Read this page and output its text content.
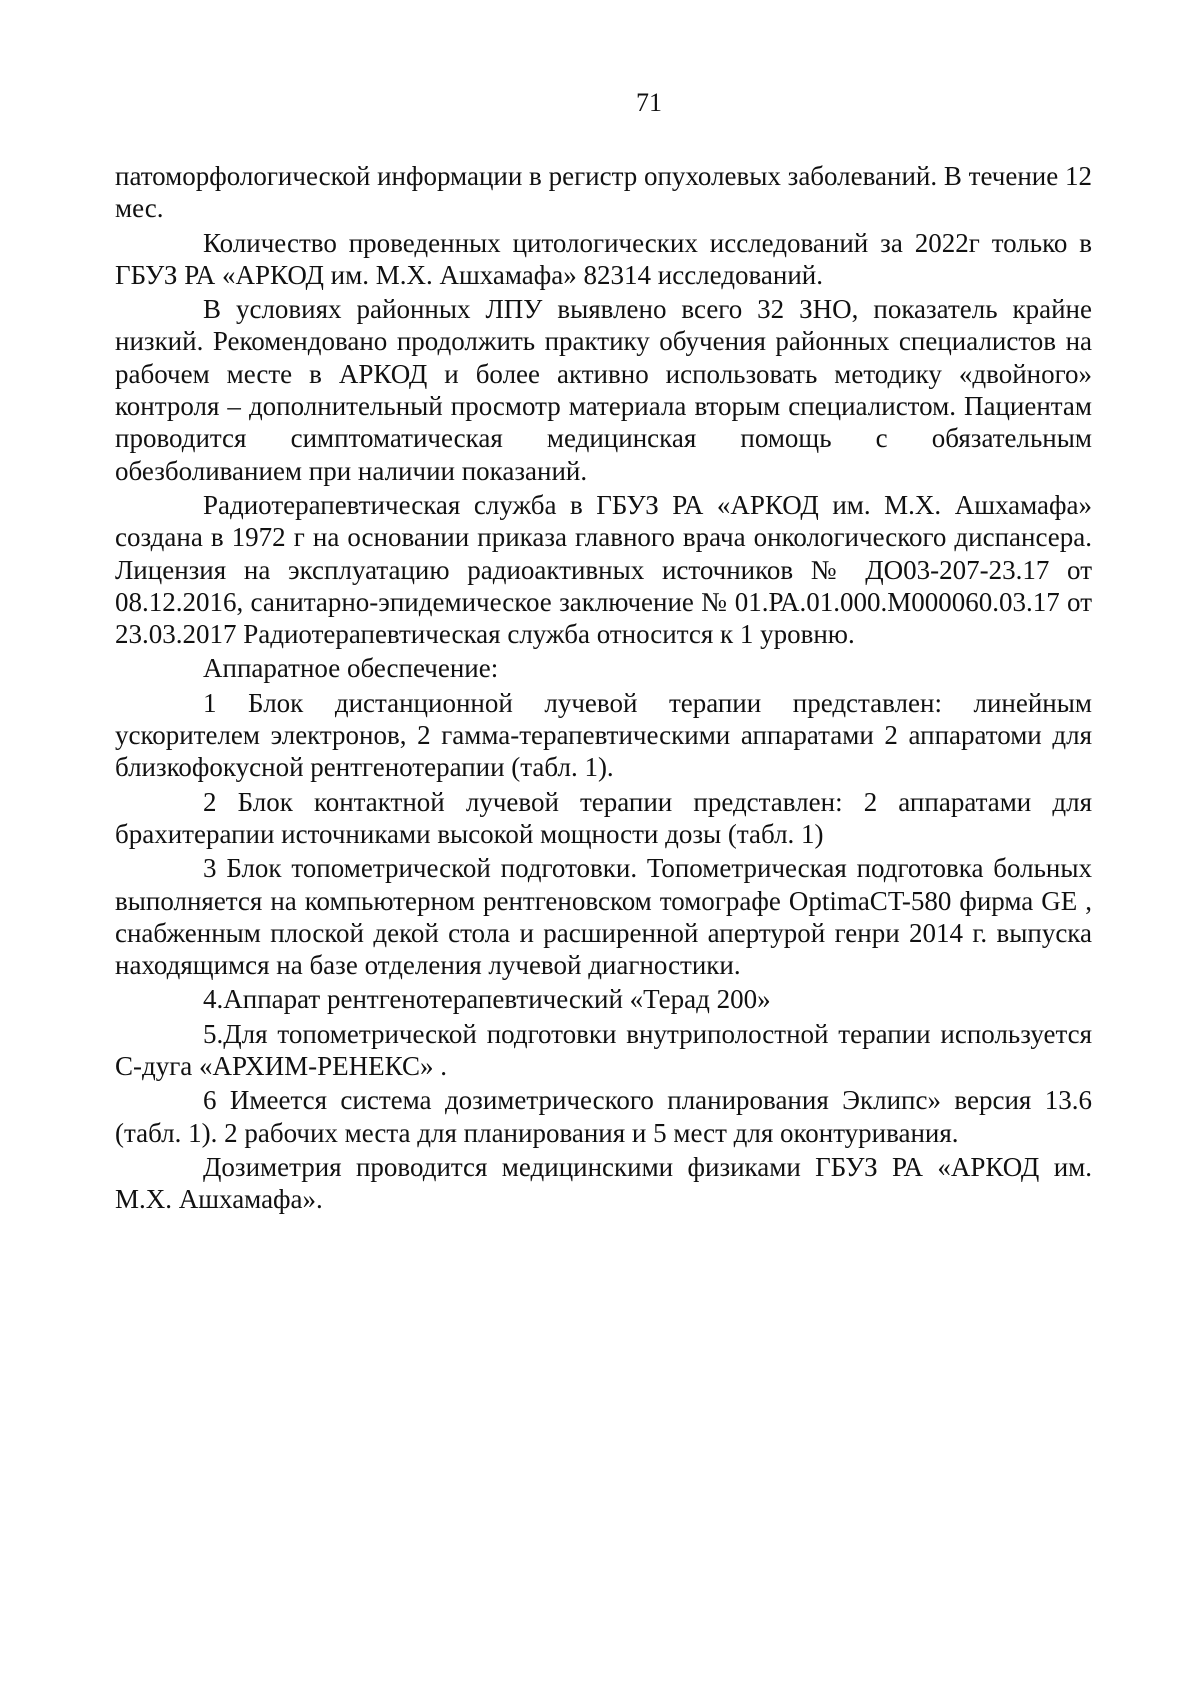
71

патоморфологической информации в регистр опухолевых заболеваний. В течение 12 мес.

Количество проведенных цитологических исследований за 2022г только в ГБУЗ РА «АРКОД им. М.Х. Ашхамафа» 82314 исследований.

В условиях районных ЛПУ выявлено всего 32 ЗНО, показатель крайне низкий. Рекомендовано продолжить практику обучения районных специалистов на рабочем месте в АРКОД и более активно использовать методику «двойного» контроля – дополнительный просмотр материала вторым специалистом. Пациентам проводится симптоматическая медицинская помощь с обязательным обезболиванием при наличии показаний.

Радиотерапевтическая служба в ГБУЗ РА «АРКОД им. М.Х. Ашхамафа» создана в 1972 г на основании приказа главного врача онкологического диспансера. Лицензия на эксплуатацию радиоактивных источников № ДО03-207-23.17 от 08.12.2016, санитарно-эпидемическое заключение № 01.РА.01.000.М000060.03.17 от 23.03.2017 Радиотерапевтическая служба относится к 1 уровню.

Аппаратное обеспечение:

1 Блок дистанционной лучевой терапии представлен: линейным ускорителем электронов, 2 гамма-терапевтическими аппаратами 2 аппаратоми для близкофокусной рентгенотерапии (табл. 1).

2 Блок контактной лучевой терапии представлен: 2 аппаратами для брахитерапии источниками высокой мощности дозы (табл. 1)

3 Блок топометрической подготовки. Топометрическая подготовка больных выполняется на компьютерном рентгеновском томографе OptimaCT-580 фирма GE , снабженным плоской декой стола и расширенной апертурой генри 2014 г. выпуска находящимся на базе отделения лучевой диагностики.

4.Аппарат рентгенотерапевтический «Терад 200»

5.Для топометрической подготовки внутриполостной терапии используется С-дуга «АРХИМ-РЕНЕКС» .

6 Имеется система дозиметрического планирования Эклипс» версия 13.6 (табл. 1). 2 рабочих места для планирования и 5 мест для оконтуривания.

Дозиметрия проводится медицинскими физиками ГБУЗ РА «АРКОД им. М.Х. Ашхамафа».
